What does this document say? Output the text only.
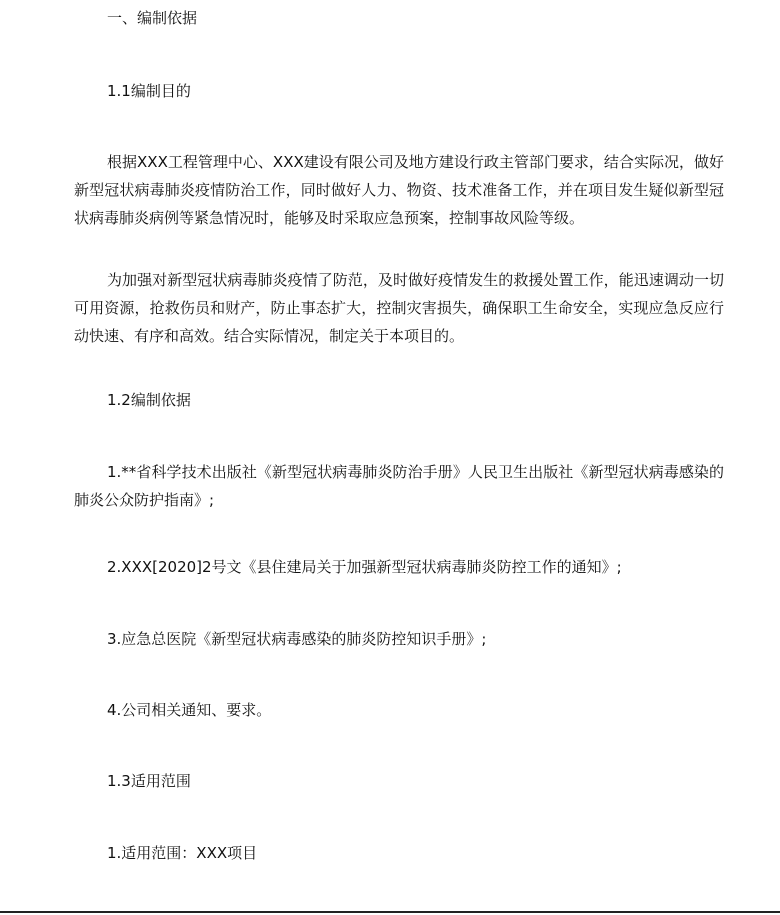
一、编制依据
1.1编制目的
根据XXX工程管理中心、XXX建设有限公司及地方建设行政主管部门要求，结合实际况，做好新型冠状病毒肺炎疫情防治工作，同时做好人力、物资、技术准备工作，并在项目发生疑似新型冠状病毒肺炎病例等紧急情况时，能够及时采取应急预案，控制事故风险等级。
为加强对新型冠状病毒肺炎疫情了防范，及时做好疫情发生的救援处置工作，能迅速调动一切可用资源，抢救伤员和财产，防止事态扩大，控制灾害损失，确保职工生命安全，实现应急反应行动快速、有序和高效。结合实际情况，制定关于本项目的。
1.2编制依据
1.**省科学技术出版社《新型冠状病毒肺炎防治手册》人民卫生出版社《新型冠状病毒感染的肺炎公众防护指南》;
2.XXX[2020]2号文《县住建局关于加强新型冠状病毒肺炎防控工作的通知》;
3.应急总医院《新型冠状病毒感染的肺炎防控知识手册》;
4.公司相关通知、要求。
1.3适用范围
1.适用范围：XXX项目
